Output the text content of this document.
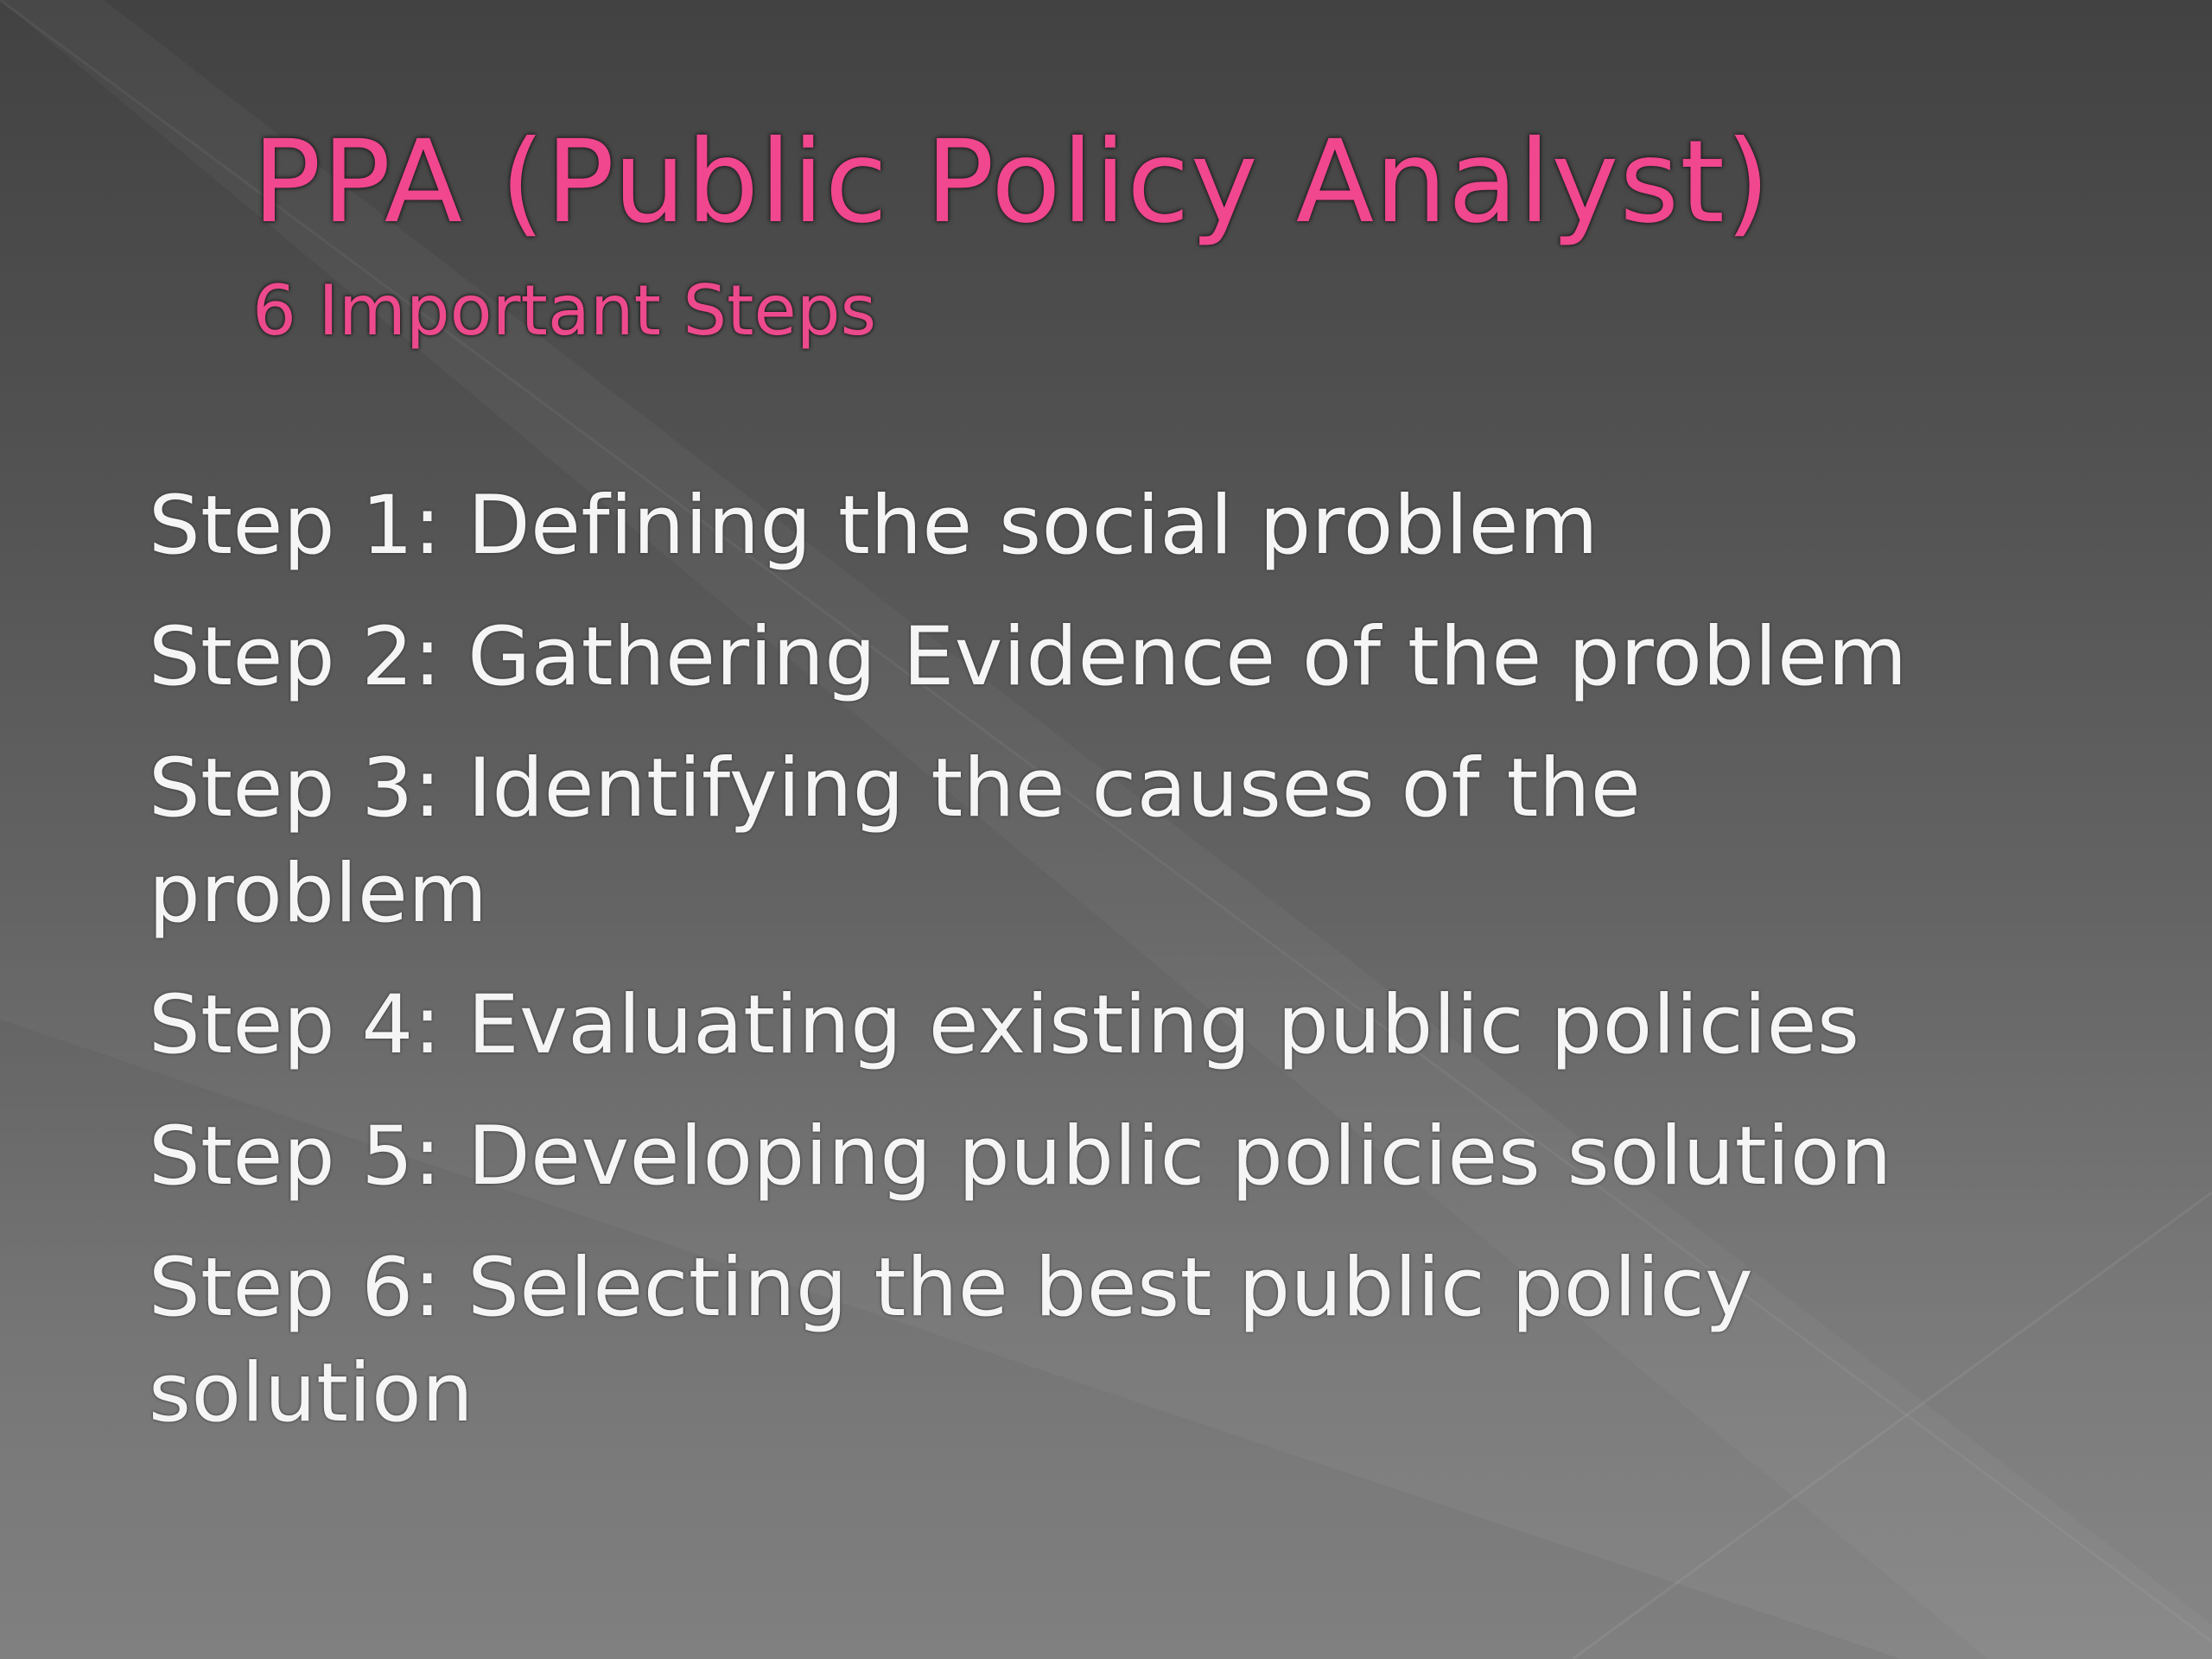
PPA (Public Policy Analyst)
6 Important Steps
Step 1: Defining the social problem
Step 2: Gathering Evidence of the problem
Step 3: Identifying the causes of the
problem
Step 4: Evaluating existing public policies
Step 5: Developing public policies solution
Step 6: Selecting the best public policy
solution
